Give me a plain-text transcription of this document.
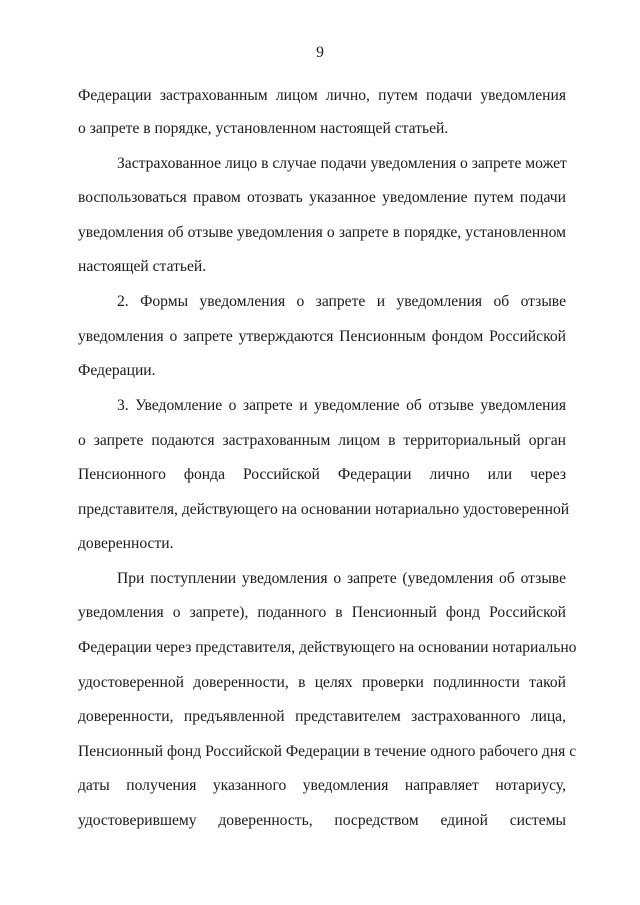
9
Федерации застрахованным лицом лично, путем подачи уведомления
о запрете в порядке, установленном настоящей статьей.
Застрахованное лицо в случае подачи уведомления о запрете может
воспользоваться правом отозвать указанное уведомление путем подачи
уведомления об отзыве уведомления о запрете в порядке, установленном
настоящей статьей.
2. Формы уведомления о запрете и уведомления об отзыве
уведомления о запрете утверждаются Пенсионным фондом Российской
Федерации.
3. Уведомление о запрете и уведомление об отзыве уведомления
о запрете подаются застрахованным лицом в территориальный орган
Пенсионного фонда Российской Федерации лично или через
представителя, действующего на основании нотариально удостоверенной
доверенности.
При поступлении уведомления о запрете (уведомления об отзыве
уведомления о запрете), поданного в Пенсионный фонд Российской
Федерации через представителя, действующего на основании нотариально
удостоверенной доверенности, в целях проверки подлинности такой
доверенности, предъявленной представителем застрахованного лица,
Пенсионный фонд Российской Федерации в течение одного рабочего дня с
даты получения указанного уведомления направляет нотариусу,
удостоверившему доверенность, посредством единой системы
